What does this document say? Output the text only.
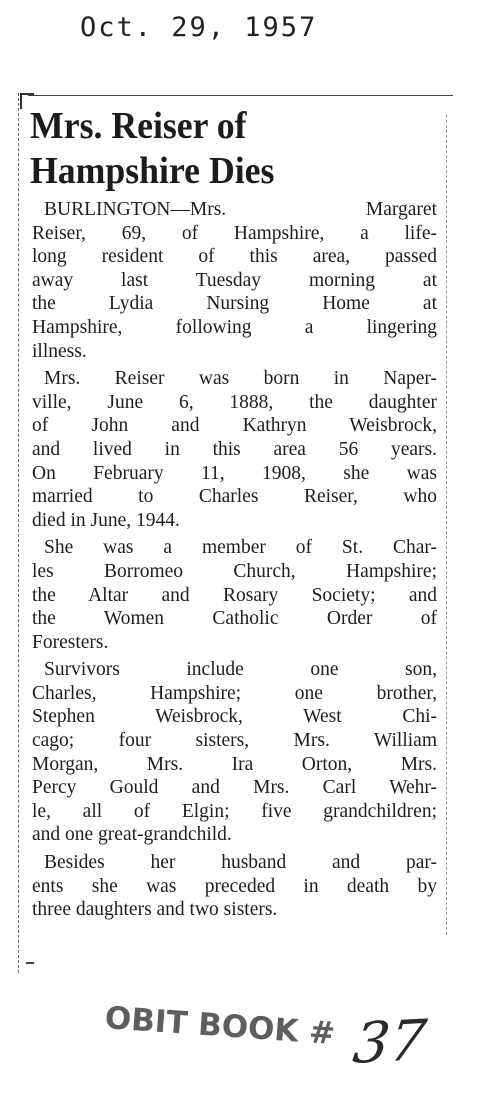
Oct. 29, 1957
Mrs. Reiser of
Hampshire Dies
BURLINGTON—Mrs. Margaret
Reiser, 69, of Hampshire, a life-
long resident of this area, passed
away last Tuesday morning at
the Lydia Nursing Home at
Hampshire, following a lingering
illness.
Mrs. Reiser was born in Naper-
ville, June 6, 1888, the daughter
of John and Kathryn Weisbrock,
and lived in this area 56 years.
On February 11, 1908, she was
married to Charles Reiser, who
died in June, 1944.
She was a member of St. Char-
les Borromeo Church, Hampshire;
the Altar and Rosary Society; and
the Women Catholic Order of
Foresters.
Survivors include one son,
Charles, Hampshire; one brother,
Stephen Weisbrock, West Chi-
cago; four sisters, Mrs. William
Morgan, Mrs. Ira Orton, Mrs.
Percy Gould and Mrs. Carl Wehr-
le, all of Elgin; five grandchildren;
and one great-grandchild.
Besides her husband and par-
ents she was preceded in death by
three daughters and two sisters.
OBIT BOOK # 37
